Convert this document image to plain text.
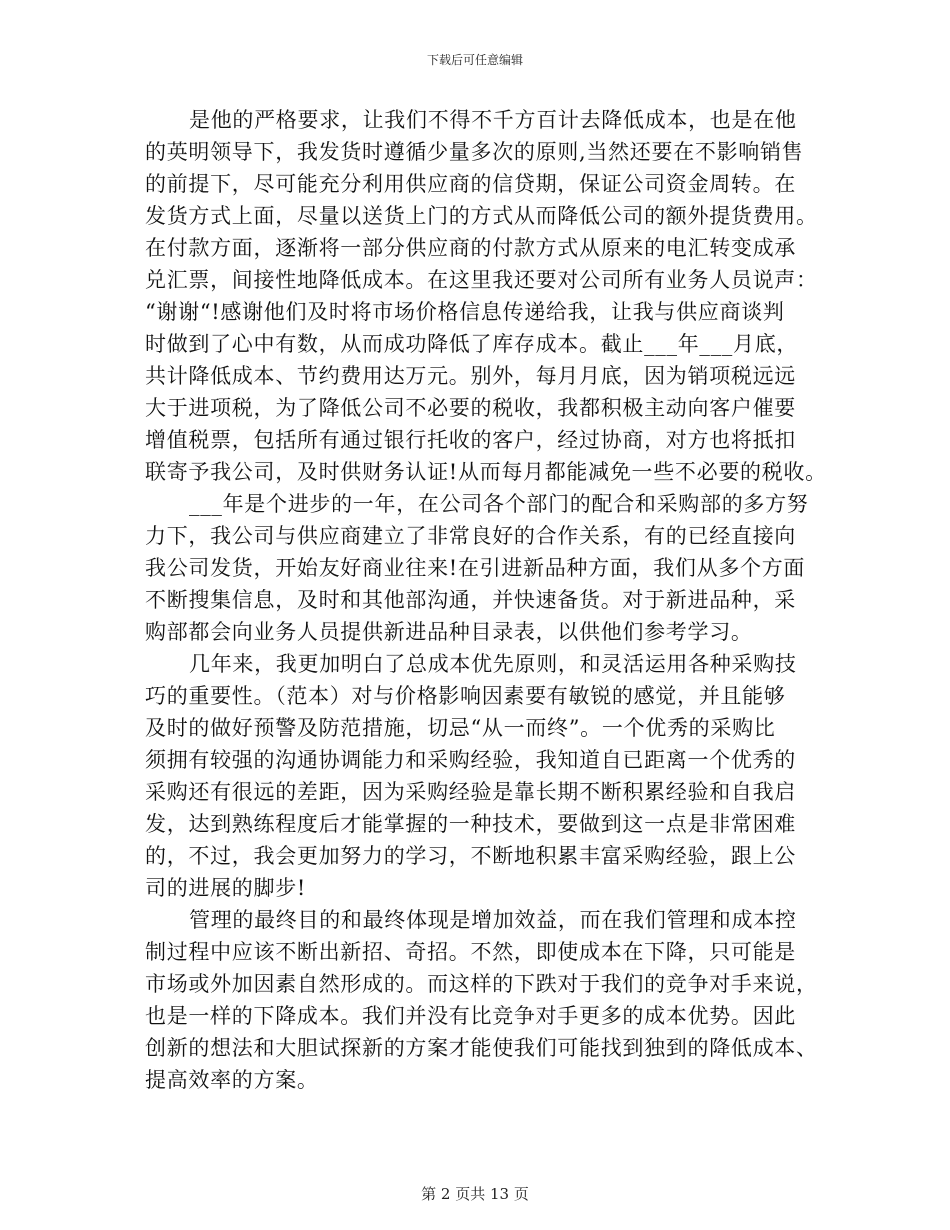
下载后可任意编辑
是他的严格要求，让我们不得不千方百计去降低成本，也是在他
的英明领导下，我发货时遵循少量多次的原则,当然还要在不影响销售
的前提下，尽可能充分利用供应商的信贷期，保证公司资金周转。在
发货方式上面，尽量以送货上门的方式从而降低公司的额外提货费用。
在付款方面，逐渐将一部分供应商的付款方式从原来的电汇转变成承
兑汇票，间接性地降低成本。在这里我还要对公司所有业务人员说声：
“谢谢“!感谢他们及时将市场价格信息传递给我，让我与供应商谈判
时做到了心中有数，从而成功降低了库存成本。截止___年___月底，
共计降低成本、节约费用达万元。别外，每月月底，因为销项税远远
大于进项税，为了降低公司不必要的税收，我都积极主动向客户催要
增值税票，包括所有通过银行托收的客户，经过协商，对方也将抵扣
联寄予我公司，及时供财务认证!从而每月都能减免一些不必要的税收。
___年是个进步的一年，在公司各个部门的配合和采购部的多方努
力下，我公司与供应商建立了非常良好的合作关系，有的已经直接向
我公司发货，开始友好商业往来!在引进新品种方面，我们从多个方面
不断搜集信息，及时和其他部沟通，并快速备货。对于新进品种，采
购部都会向业务人员提供新进品种目录表，以供他们参考学习。
几年来，我更加明白了总成本优先原则，和灵活运用各种采购技
巧的重要性。（范本）对与价格影响因素要有敏锐的感觉，并且能够
及时的做好预警及防范措施，切忌“从一而终”。一个优秀的采购比
须拥有较强的沟通协调能力和采购经验，我知道自已距离一个优秀的
采购还有很远的差距，因为采购经验是靠长期不断积累经验和自我启
发，达到熟练程度后才能掌握的一种技术，要做到这一点是非常困难
的，不过，我会更加努力的学习，不断地积累丰富采购经验，跟上公
司的进展的脚步!
管理的最终目的和最终体现是增加效益，而在我们管理和成本控
制过程中应该不断出新招、奇招。不然，即使成本在下降，只可能是
市场或外加因素自然形成的。而这样的下跌对于我们的竞争对手来说，
也是一样的下降成本。我们并没有比竞争对手更多的成本优势。因此
创新的想法和大胆试探新的方案才能使我们可能找到独到的降低成本、
提高效率的方案。
第 2 页共 13 页
